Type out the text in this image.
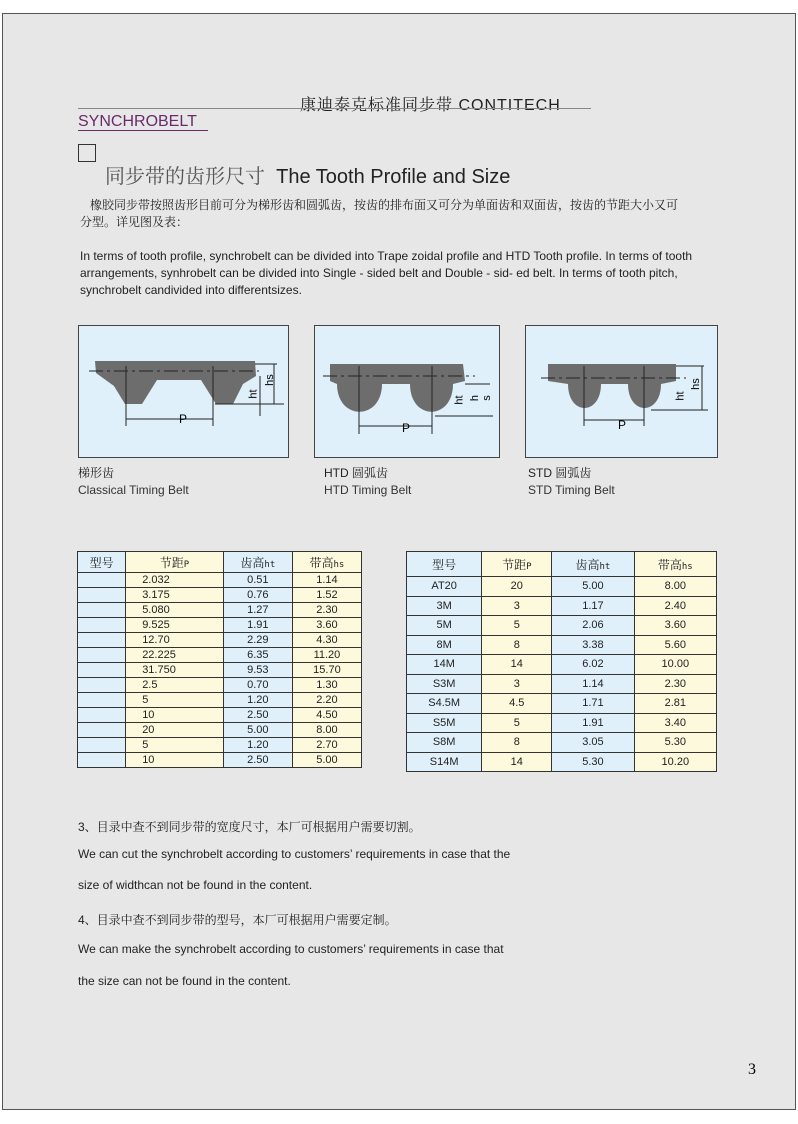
康迪泰克标准同步带 CONTITECH
SYNCHROBELT
同步带的齿形尺寸 The Tooth Profile and Size
橡胶同步带按照齿形目前可分为梯形齿和圆弧齿，按齿的排布面又可分为单面齿和双面齿，按齿的节距大小又可
分型。详见图及表：
In terms of tooth profile, synchrobelt can be divided into Trape zoidal profile and HTD Tooth profile. In terms of tooth
arrangements, synhrobelt can be divided into Single - sided belt and Double - sid- ed belt. In terms of tooth pitch,
synchrobelt candivided into differentsizes.
P
ht
hs
梯形齿
Classical Timing Belt
P
ht h s
HTD 圆弧齿
HTD Timing Belt
P
ht
hs
STD 圆弧齿
STD Timing Belt
型号	节距P	齿高ht	带高hs
	2.032	0.51	1.14
	3.175	0.76	1.52
	5.080	1.27	2.30
	9.525	1.91	3.60
	12.70	2.29	4.30
	22.225	6.35	11.20
	31.750	9.53	15.70
	2.5	0.70	1.30
	5	1.20	2.20
	10	2.50	4.50
	20	5.00	8.00
	5	1.20	2.70
	10	2.50	5.00
型号	节距P	齿高ht	带高hs
AT20	20	5.00	8.00
3M	3	1.17	2.40
5M	5	2.06	3.60
8M	8	3.38	5.60
14M	14	6.02	10.00
S3M	3	1.14	2.30
S4.5M	4.5	1.71	2.81
S5M	5	1.91	3.40
S8M	8	3.05	5.30
S14M	14	5.30	10.20
3、目录中查不到同步带的宽度尺寸，本厂可根据用户需要切割。
We can cut the synchrobelt according to customers’ requirements in case that the
size of widthcan not be found in the content.
4、目录中查不到同步带的型号，本厂可根据用户需要定制。
We can make the synchrobelt according to customers’ requirements in case that
the size can not be found in the content.
3
